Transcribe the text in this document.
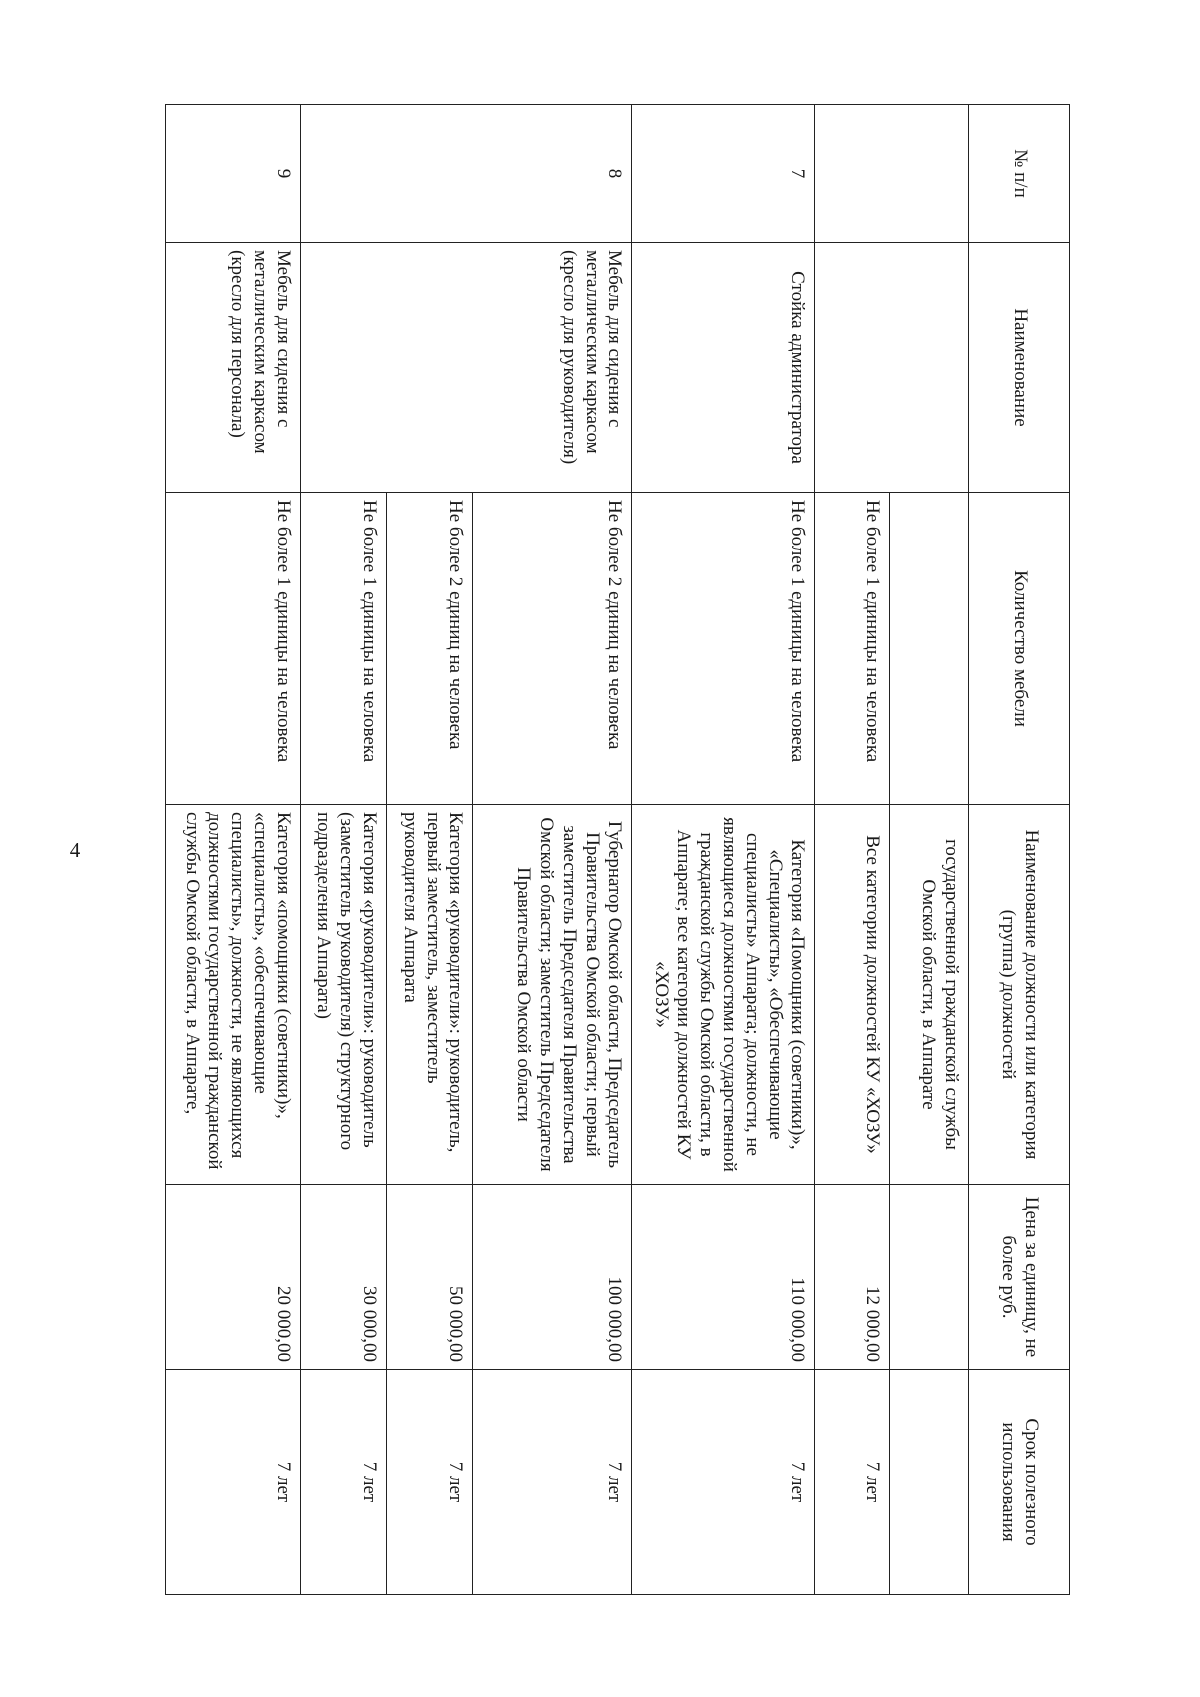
4
№ п/п	Наименование	Количество мебели	Наименование должности или категория (группа) должностей	Цена за единицу, не более руб.	Срок полезного использования
			государственной гражданской службы Омской области, в Аппарате		
		Не более 1 единицы на человека	Все категории должностей КУ «ХОЗУ»	12 000,00	7 лет
7	Стойка администратора	Не более 1 единицы на человека	Категория «Помощники (советники)», «Специалисты», «Обеспечивающие специалисты» Аппарата; должности, не являющиеся должностями государственной гражданской службы Омской области, в Аппарате; все категории должностей КУ «ХОЗУ»	110 000,00	7 лет
8	Мебель для сидения с металлическим каркасом (кресло для руководителя)	Не более 2 единиц на человека	Губернатор Омской области, Председатель Правительства Омской области; первый заместитель Председателя Правительства Омской области; заместитель Председателя Правительства Омской области	100 000,00	7 лет
		Не более 2 единиц на человека	Категория «руководители»: руководитель, первый заместитель, заместитель руководителя Аппарата	50 000,00	7 лет
		Не более 1 единицы на человека	Категория «руководители»: руководитель (заместитель руководителя) структурного подразделения Аппарата)	30 000,00	7 лет
9	Мебель для сидения с металлическим каркасом (кресло для персонала)	Не более 1 единицы на человека	Категория «помощники (советники)», «специалисты», «обеспечивающие специалисты», должности, не являющихся должностями государственной гражданской службы Омской области, в Аппарате,	20 000,00	7 лет
